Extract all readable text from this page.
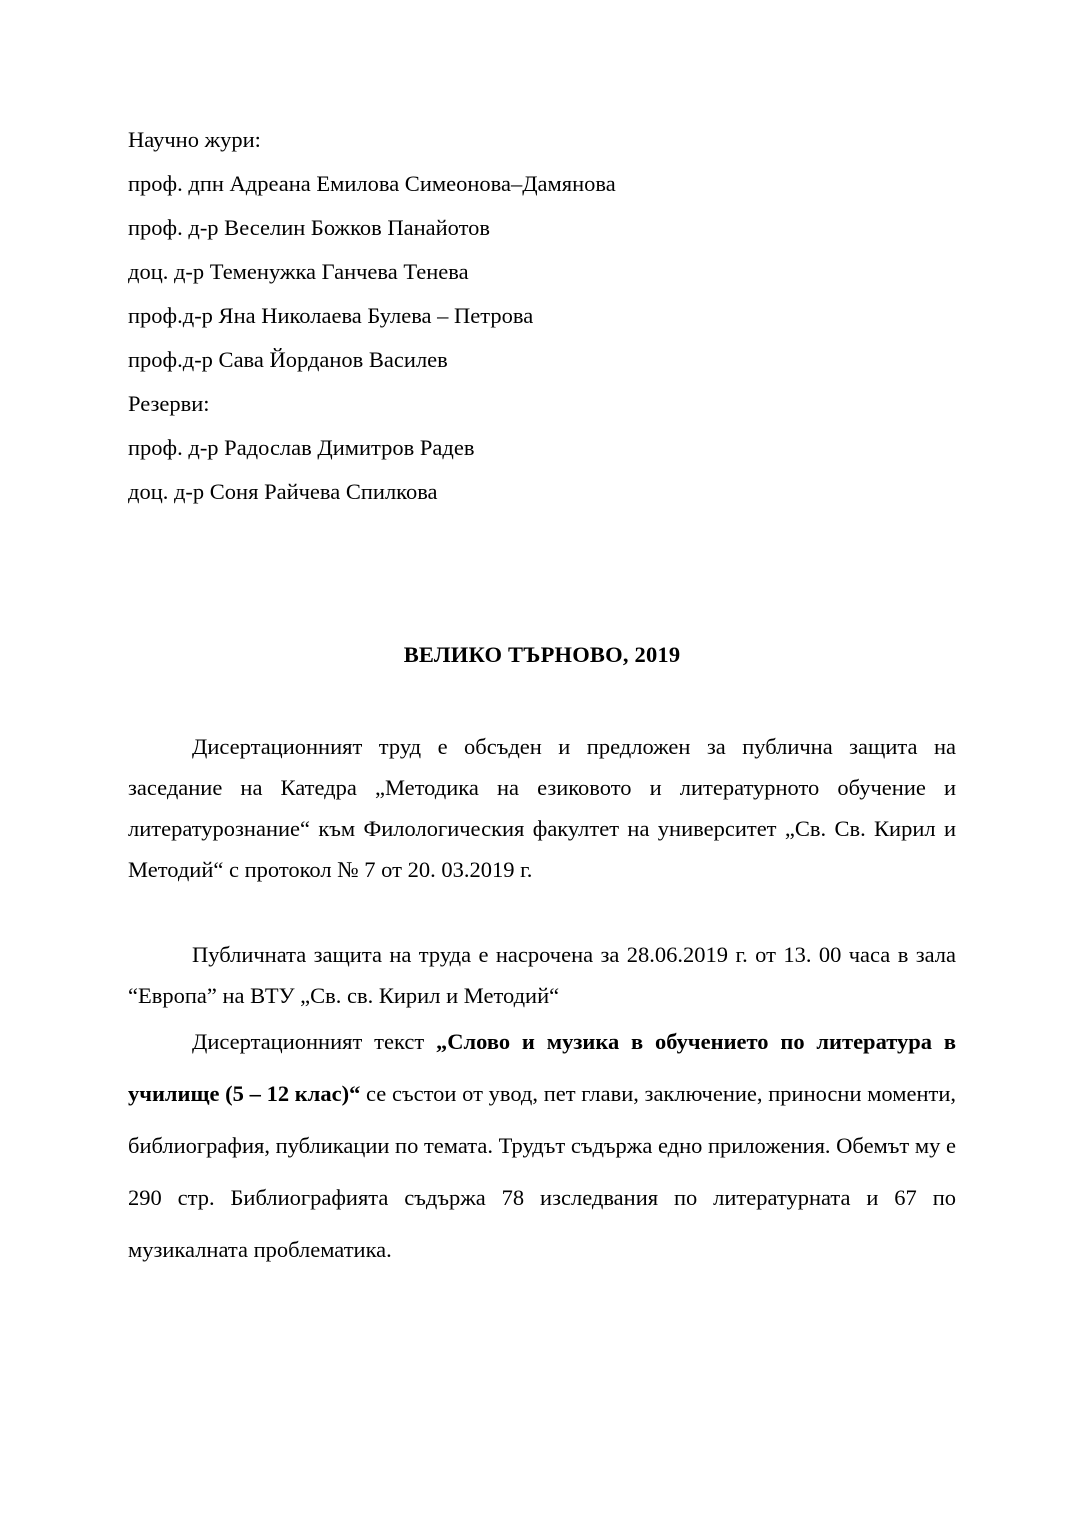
Научно жури:
проф. дпн Адреана Емилова Симеонова–Дамянова
проф. д-р Веселин Божков Панайотов
доц. д-р Теменужка Ганчева Тенева
проф.д-р Яна Николаева Булева – Петрова
проф.д-р Сава Йорданов Василев
Резерви:
проф. д-р Радослав Димитров Радев
доц. д-р Соня Райчева Спилкова
ВЕЛИКО ТЪРНОВО, 2019

Дисертационният труд е обсъден и предложен за публична защита на заседание на Катедра „Методика на езиковото и литературното обучение и литературознание“ към Филологическия факултет на университет „Св. Св. Кирил и Методий“ с протокол № 7 от 20. 03.2019 г.

Публичната защита на труда е насрочена за 28.06.2019 г. от 13. 00 часа в зала “Европа” на ВТУ „Св. св. Кирил и Методий“

Дисертационният текст „Слово и музика в обучението по литература в училище (5 – 12 клас)“ се състои от увод, пет глави, заключение, приносни моменти, библиография, публикации по темата. Трудът съдържа едно приложения. Обемът му е 290 стр. Библиографията съдържа 78 изследвания по литературната и 67 по музикалната проблематика.
